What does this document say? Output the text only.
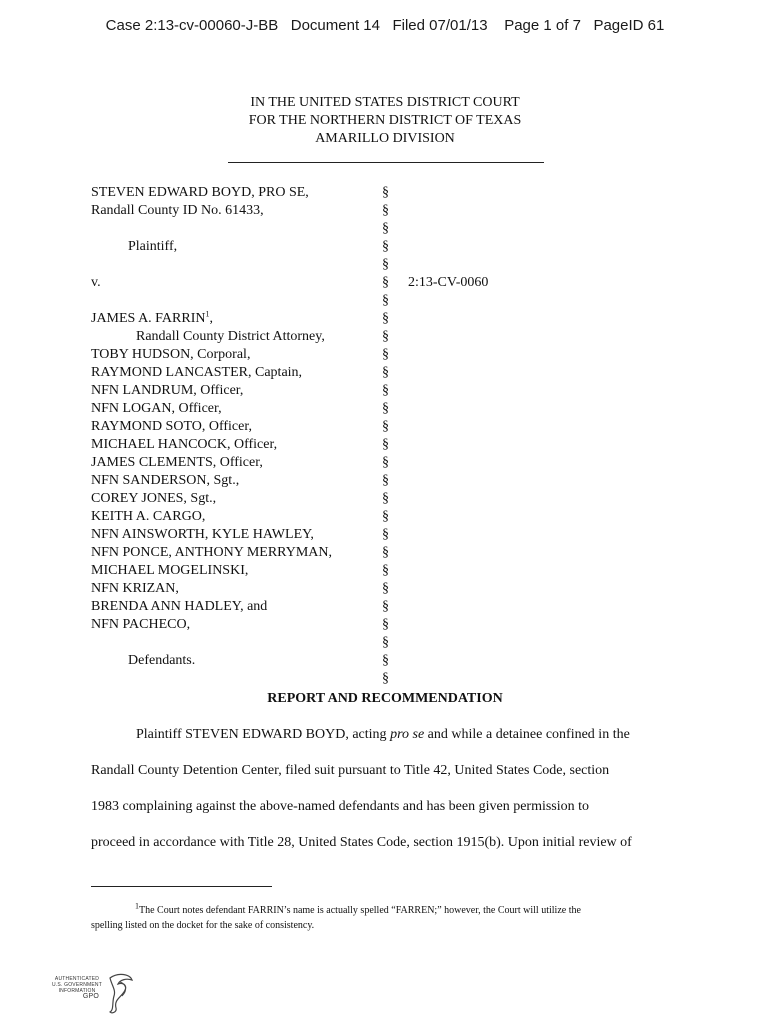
Case 2:13-cv-00060-J-BB   Document 14   Filed 07/01/13    Page 1 of 7   PageID 61
IN THE UNITED STATES DISTRICT COURT
FOR THE NORTHERN DISTRICT OF TEXAS
AMARILLO DIVISION
STEVEN EDWARD BOYD, PRO SE,
Randall County ID No. 61433,
Plaintiff,
v.
JAMES A. FARRIN$^1$,
Randall County District Attorney,
TOBY HUDSON, Corporal,
RAYMOND LANCASTER, Captain,
NFN LANDRUM, Officer,
NFN LOGAN, Officer,
RAYMOND SOTO, Officer,
MICHAEL HANCOCK, Officer,
JAMES CLEMENTS, Officer,
NFN SANDERSON, Sgt.,
COREY JONES, Sgt.,
KEITH A. CARGO,
NFN AINSWORTH, KYLE HAWLEY,
NFN PONCE, ANTHONY MERRYMAN,
MICHAEL MOGELINSKI,
NFN KRIZAN,
BRENDA ANN HADLEY, and
NFN PACHECO,
Defendants.
§
§
§
§
§
§
§
§
§
§
§
§
§
§
§
§
§
§
§
§
§
§
§
§
§
§
§
§
2:13-CV-0060
REPORT AND RECOMMENDATION
Plaintiff STEVEN EDWARD BOYD, acting pro se and while a detainee confined in the
Randall County Detention Center, filed suit pursuant to Title 42, United States Code, section
1983 complaining against the above-named defendants and has been given permission to
proceed in accordance with Title 28, United States Code, section 1915(b). Upon initial review of
$^1$The Court notes defendant FARRIN’s name is actually spelled “FARREN;” however, the Court will utilize the
spelling listed on the docket for the sake of consistency.
AUTHENTICATED
U.S. GOVERNMENT
INFORMATION
GPO
